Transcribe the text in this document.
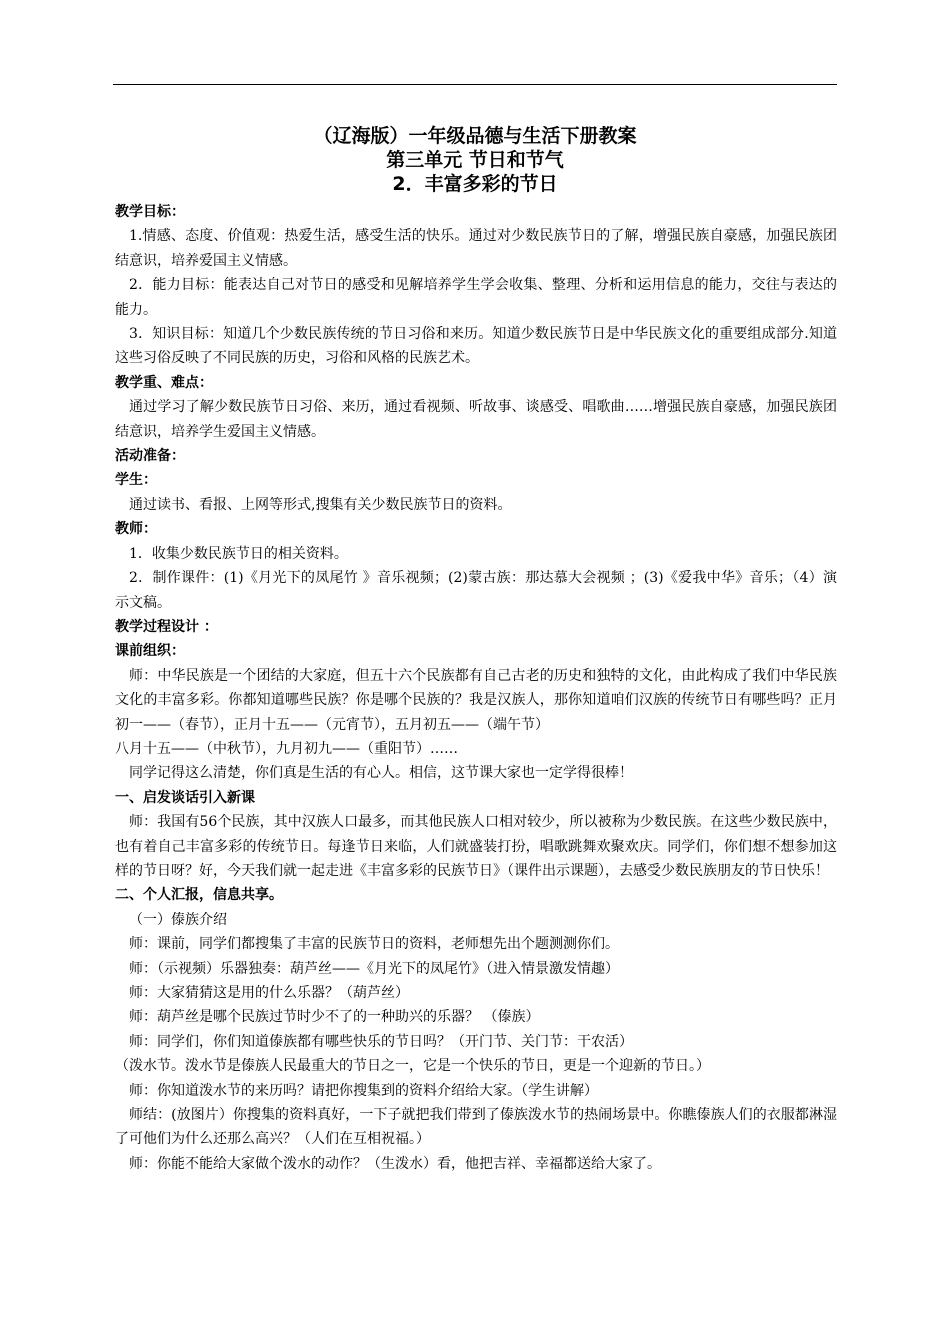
（辽海版）一年级品德与生活下册教案
第三单元 节日和节气
2．丰富多彩的节日

教学目标：

1.情感、态度、价值观：热爱生活，感受生活的快乐。通过对少数民族节日的了解，增强民族自豪感，加强民族团结意识，培养爱国主义情感。

2．能力目标：能表达自己对节日的感受和见解培养学生学会收集、整理、分析和运用信息的能力，交往与表达的能力。

3．知识目标：知道几个少数民族传统的节日习俗和来历。知道少数民族节日是中华民族文化的重要组成部分.知道这些习俗反映了不同民族的历史，习俗和风格的民族艺术。

教学重、难点：

通过学习了解少数民族节日习俗、来历，通过看视频、听故事、谈感受、唱歌曲……增强民族自豪感，加强民族团结意识，培养学生爱国主义情感。

活动准备：

学生：

通过读书、看报、上网等形式,搜集有关少数民族节日的资料。

教师：

1．收集少数民族节日的相关资料。

2．制作课件：(1)《月光下的凤尾竹 》音乐视频；(2)蒙古族：那达慕大会视频 ；(3)《爱我中华》音乐；（4）演示文稿。

教学过程设计 ：

课前组织：

师：中华民族是一个团结的大家庭，但五十六个民族都有自己古老的历史和独特的文化，由此构成了我们中华民族文化的丰富多彩。你都知道哪些民族？你是哪个民族的？我是汉族人，那你知道咱们汉族的传统节日有哪些吗？正月初一——（春节），正月十五——（元宵节），五月初五——（端午节）

八月十五——（中秋节），九月初九——（重阳节）……

同学记得这么清楚，你们真是生活的有心人。相信，这节课大家也一定学得很棒！

一、启发谈话引入新课

师：我国有56个民族，其中汉族人口最多，而其他民族人口相对较少，所以被称为少数民族。在这些少数民族中，也有着自己丰富多彩的传统节日。每逢节日来临，人们就盛装打扮，唱歌跳舞欢聚欢庆。同学们，你们想不想参加这样的节日呀？好，今天我们就一起走进《丰富多彩的民族节日》（课件出示课题），去感受少数民族朋友的节日快乐！

二、个人汇报，信息共享。

（一）傣族介绍

师：课前，同学们都搜集了丰富的民族节日的资料，老师想先出个题测测你们。

师：（示视频）乐器独奏：葫芦丝——《月光下的凤尾竹》（进入情景激发情趣）

师：大家猜猜这是用的什么乐器？（葫芦丝）

师：葫芦丝是哪个民族过节时少不了的一种助兴的乐器？ （傣族）

师：同学们，你们知道傣族都有哪些快乐的节日吗？（开门节、关门节：干农活）

（泼水节。泼水节是傣族人民最重大的节日之一，它是一个快乐的节日，更是一个迎新的节日。）

师：你知道泼水节的来历吗？请把你搜集到的资料介绍给大家。（学生讲解）

师结：(放图片）你搜集的资料真好，一下子就把我们带到了傣族泼水节的热闹场景中。你瞧傣族人们的衣服都淋湿了可他们为什么还那么高兴？（人们在互相祝福。）

师：你能不能给大家做个泼水的动作？（生泼水）看，他把吉祥、幸福都送给大家了。
